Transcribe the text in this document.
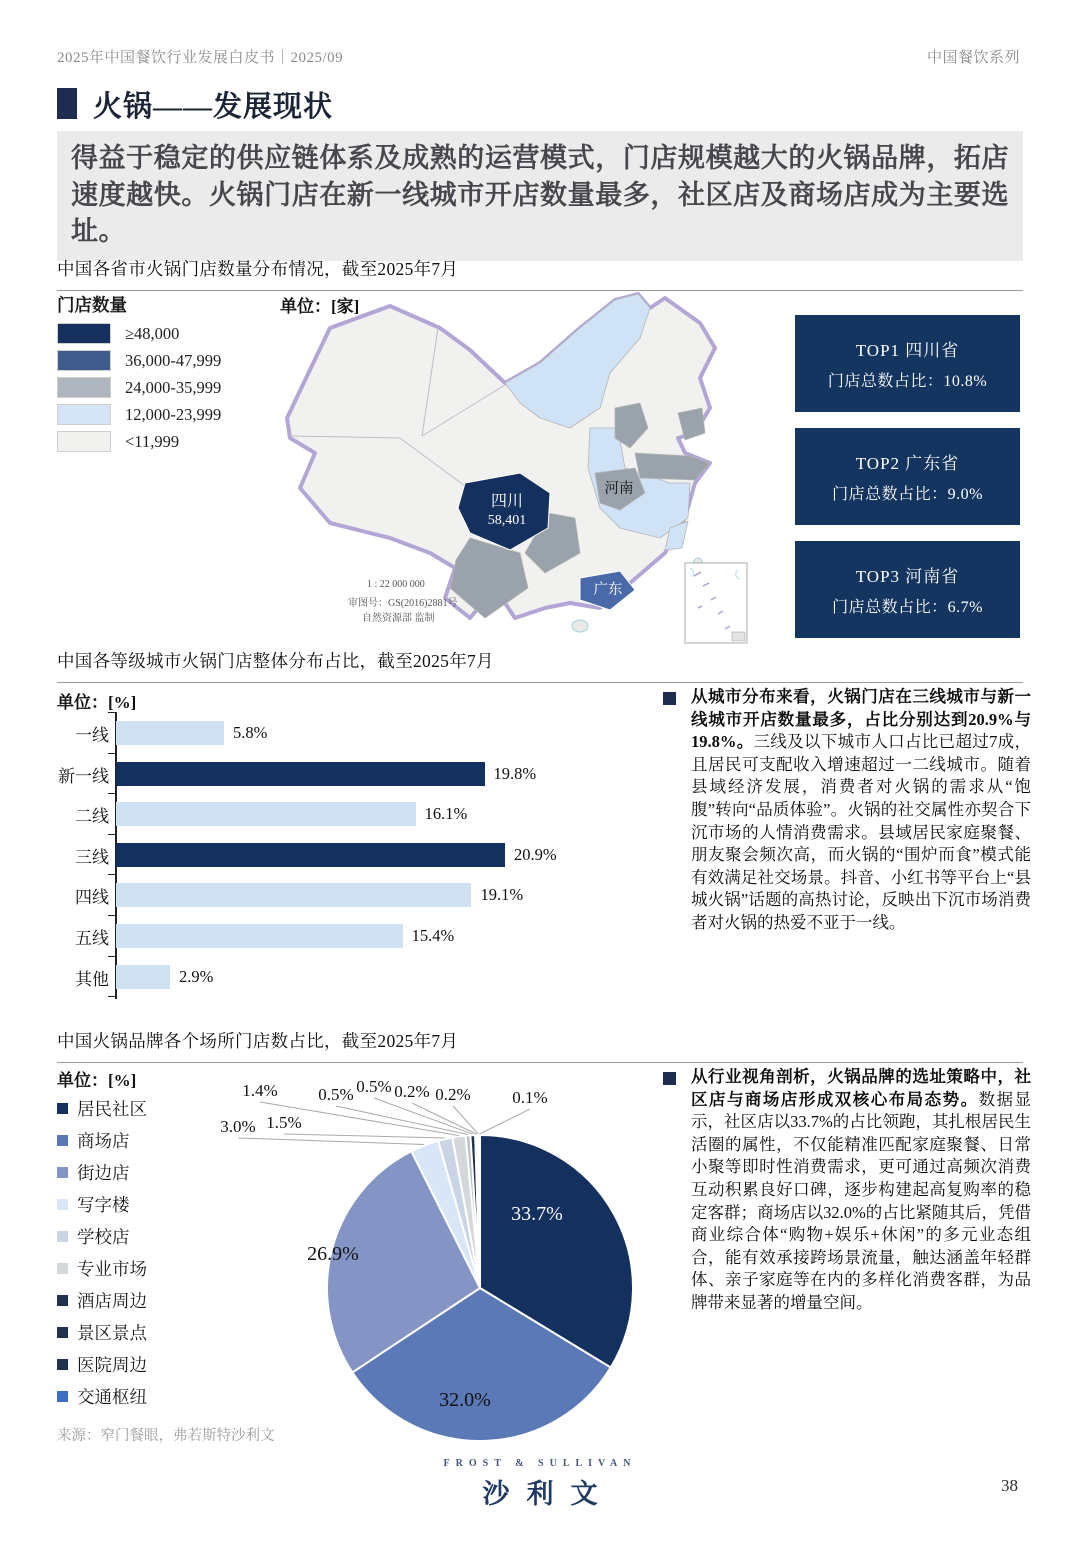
2025年中国餐饮行业发展白皮书｜2025/09	中国餐饮系列
火锅——发展现状
得益于稳定的供应链体系及成熟的运营模式，门店规模越大的火锅品牌，拓店速度越快。火锅门店在新一线城市开店数量最多，社区店及商场店成为主要选址。
中国各省市火锅门店数量分布情况，截至2025年7月
门店数量
≥48,000
36,000-47,999
24,000-35,999
12,000-23,999
<11,999
单位：[家]
四川
58,401
河南
广东
1 : 22 000 000
审图号：GS(2016)2881号
自然资源部 监制
TOP1 四川省
门店总数占比：10.8%
TOP2 广东省
门店总数占比：9.0%
TOP3 河南省
门店总数占比：6.7%
中国各等级城市火锅门店整体分布占比，截至2025年7月
单位：[%]
一线	5.8%
新一线	19.8%
二线	16.1%
三线	20.9%
四线	19.1%
五线	15.4%
其他	2.9%
从城市分布来看，火锅门店在三线城市与新一线城市开店数量最多，占比分别达到20.9%与19.8%。三线及以下城市人口占比已超过7成，且居民可支配收入增速超过一二线城市。随着县域经济发展，消费者对火锅的需求从“饱腹”转向“品质体验”。火锅的社交属性亦契合下沉市场的人情消费需求。县域居民家庭聚餐、朋友聚会频次高，而火锅的“围炉而食”模式能有效满足社交场景。抖音、小红书等平台上“县城火锅”话题的高热讨论，反映出下沉市场消费者对火锅的热爱不亚于一线。
中国火锅品牌各个场所门店数占比，截至2025年7月
单位：[%]
居民社区
商场店
街边店
写字楼
学校店
专业市场
酒店周边
景区景点
医院周边
交通枢纽
33.7%
32.0%
26.9%
3.0% 1.5%
1.4% 0.5% 0.5% 0.2% 0.2% 0.1%
从行业视角剖析，火锅品牌的选址策略中，社区店与商场店形成双核心布局态势。数据显示，社区店以33.7%的占比领跑，其扎根居民生活圈的属性，不仅能精准匹配家庭聚餐、日常小聚等即时性消费需求，更可通过高频次消费互动积累良好口碑，逐步构建起高复购率的稳定客群；商场店以32.0%的占比紧随其后，凭借商业综合体“购物+娱乐+休闲”的多元业态组合，能有效承接跨场景流量，触达涵盖年轻群体、亲子家庭等在内的多样化消费客群，为品牌带来显著的增量空间。
来源：窄门餐眼，弗若斯特沙利文
FROST & SULLIVAN
沙利文	38
